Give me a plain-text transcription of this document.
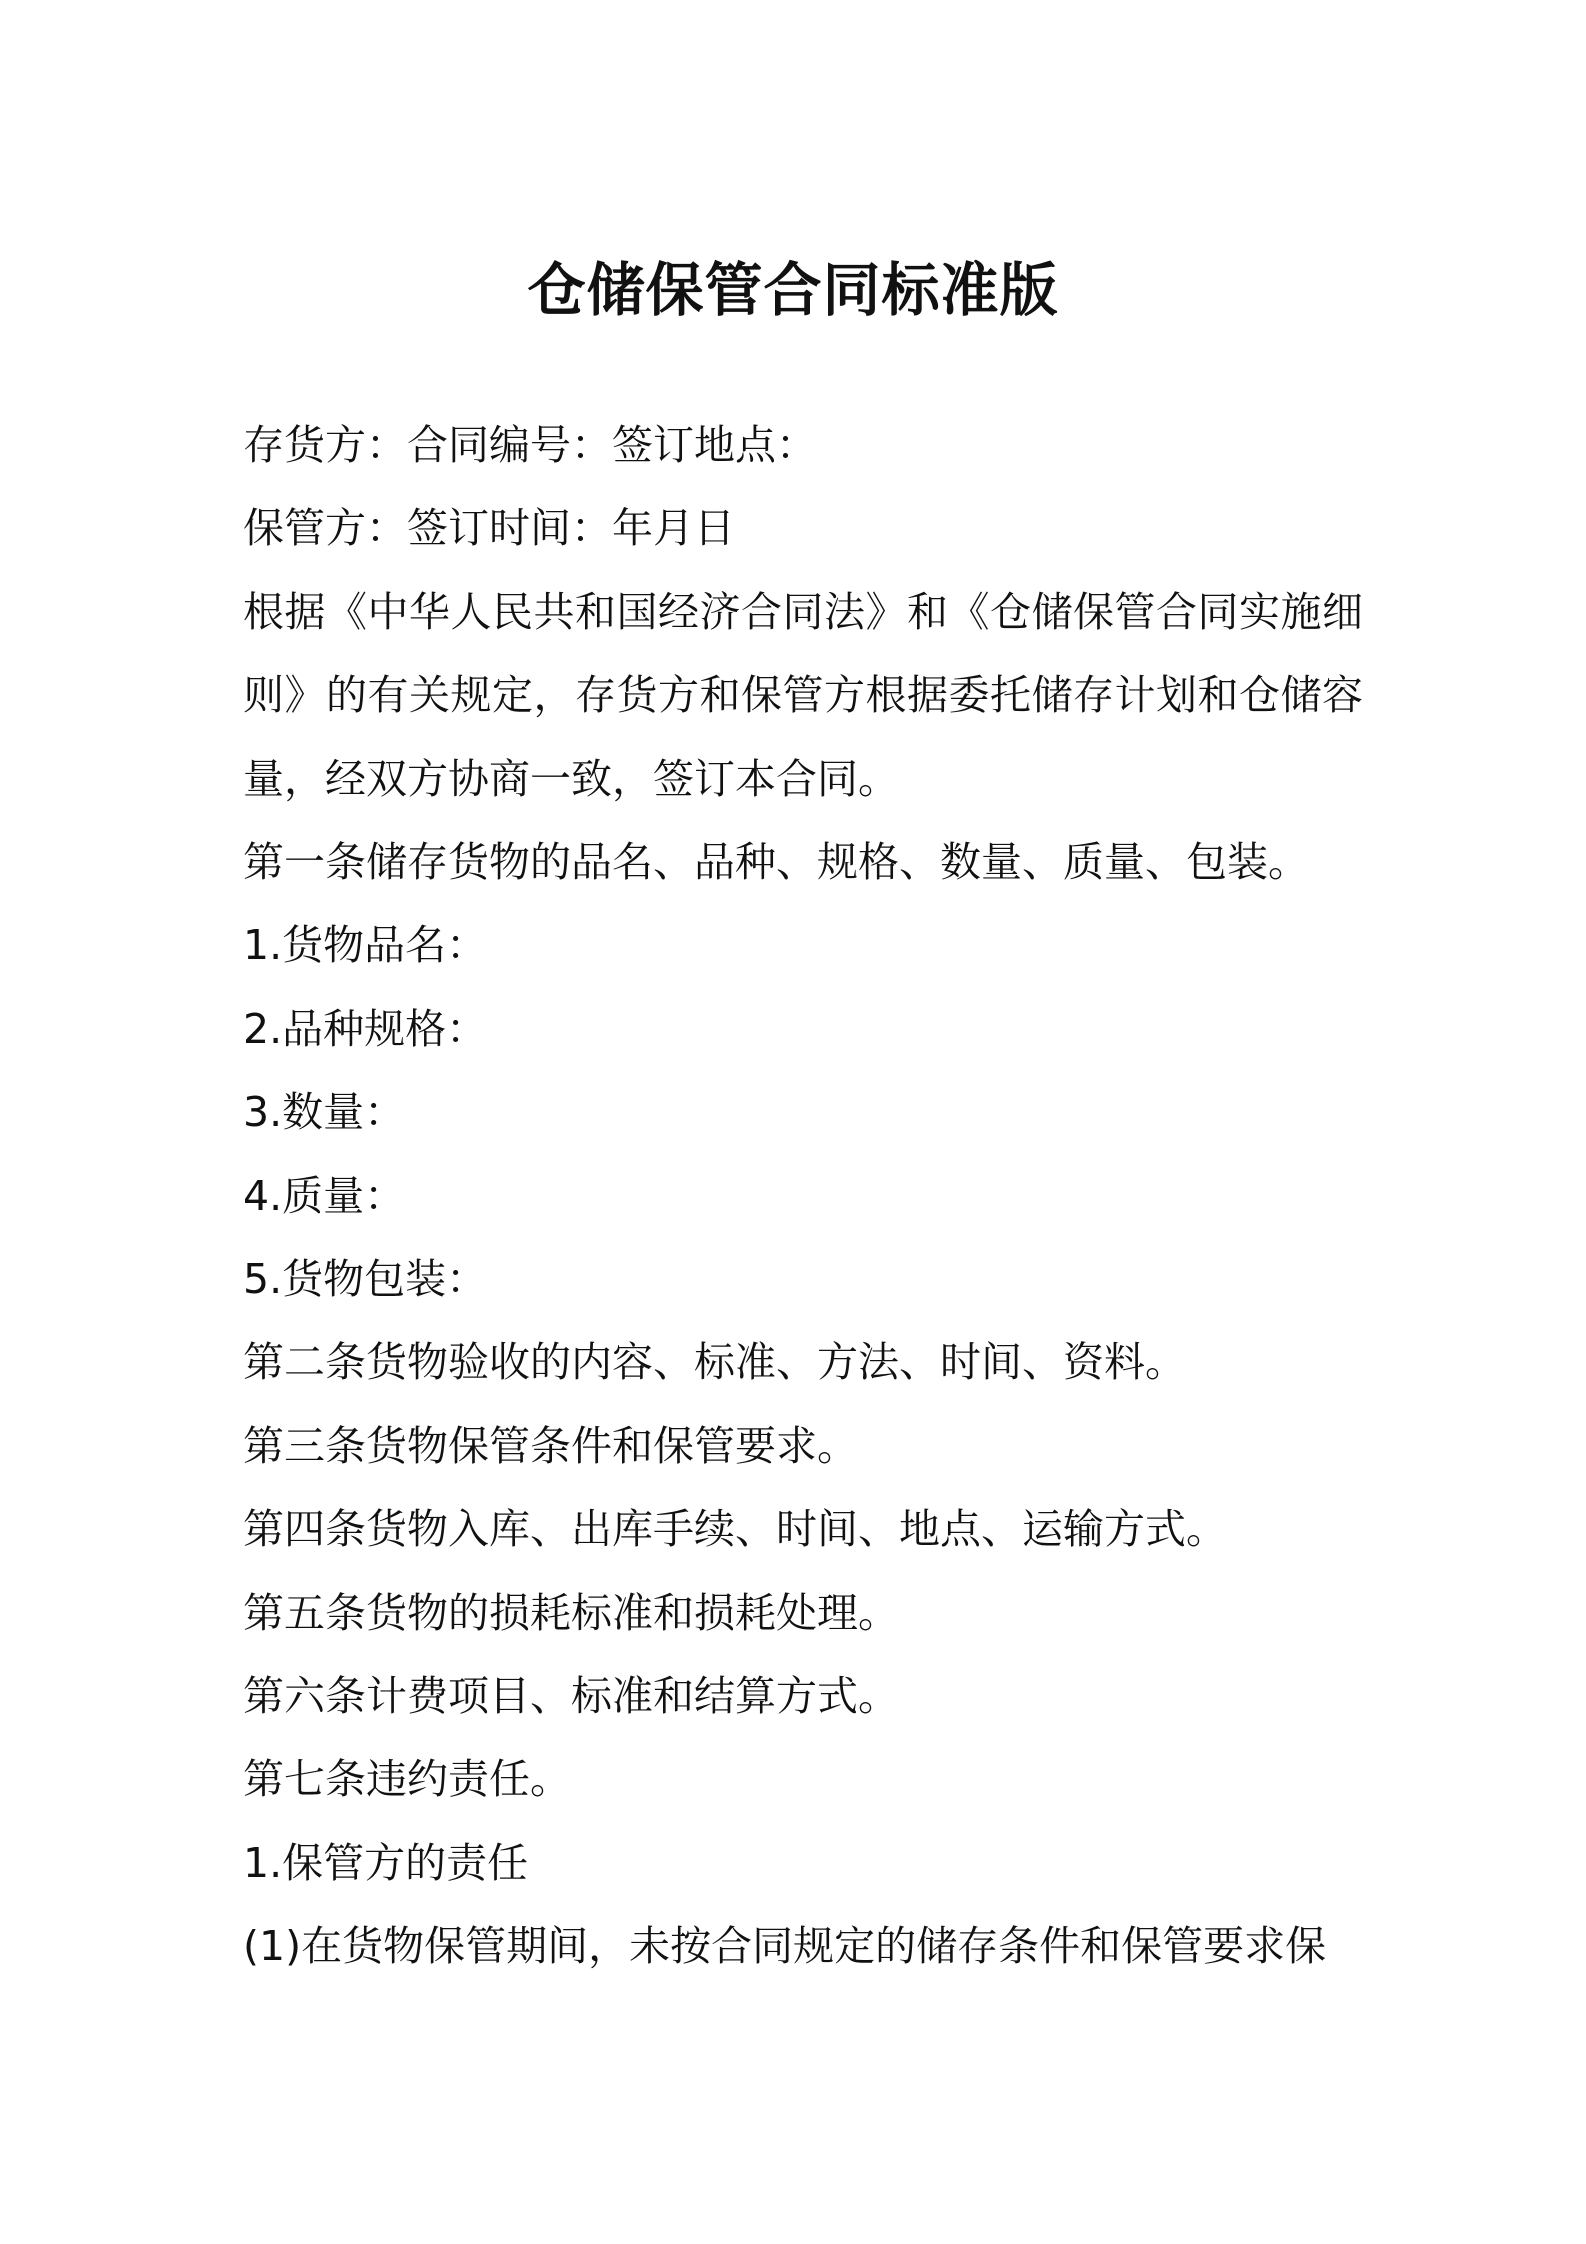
仓储保管合同标准版
存货方：合同编号：签订地点：
保管方：签订时间：年月日
根据《中华人民共和国经济合同法》和《仓储保管合同实施细则》的有关规定，存货方和保管方根据委托储存计划和仓储容量，经双方协商一致，签订本合同。
第一条储存货物的品名、品种、规格、数量、质量、包装。
1.货物品名：
2.品种规格：
3.数量：
4.质量：
5.货物包装：
第二条货物验收的内容、标准、方法、时间、资料。
第三条货物保管条件和保管要求。
第四条货物入库、出库手续、时间、地点、运输方式。
第五条货物的损耗标准和损耗处理。
第六条计费项目、标准和结算方式。
第七条违约责任。
1.保管方的责任
(1)在货物保管期间，未按合同规定的储存条件和保管要求保
